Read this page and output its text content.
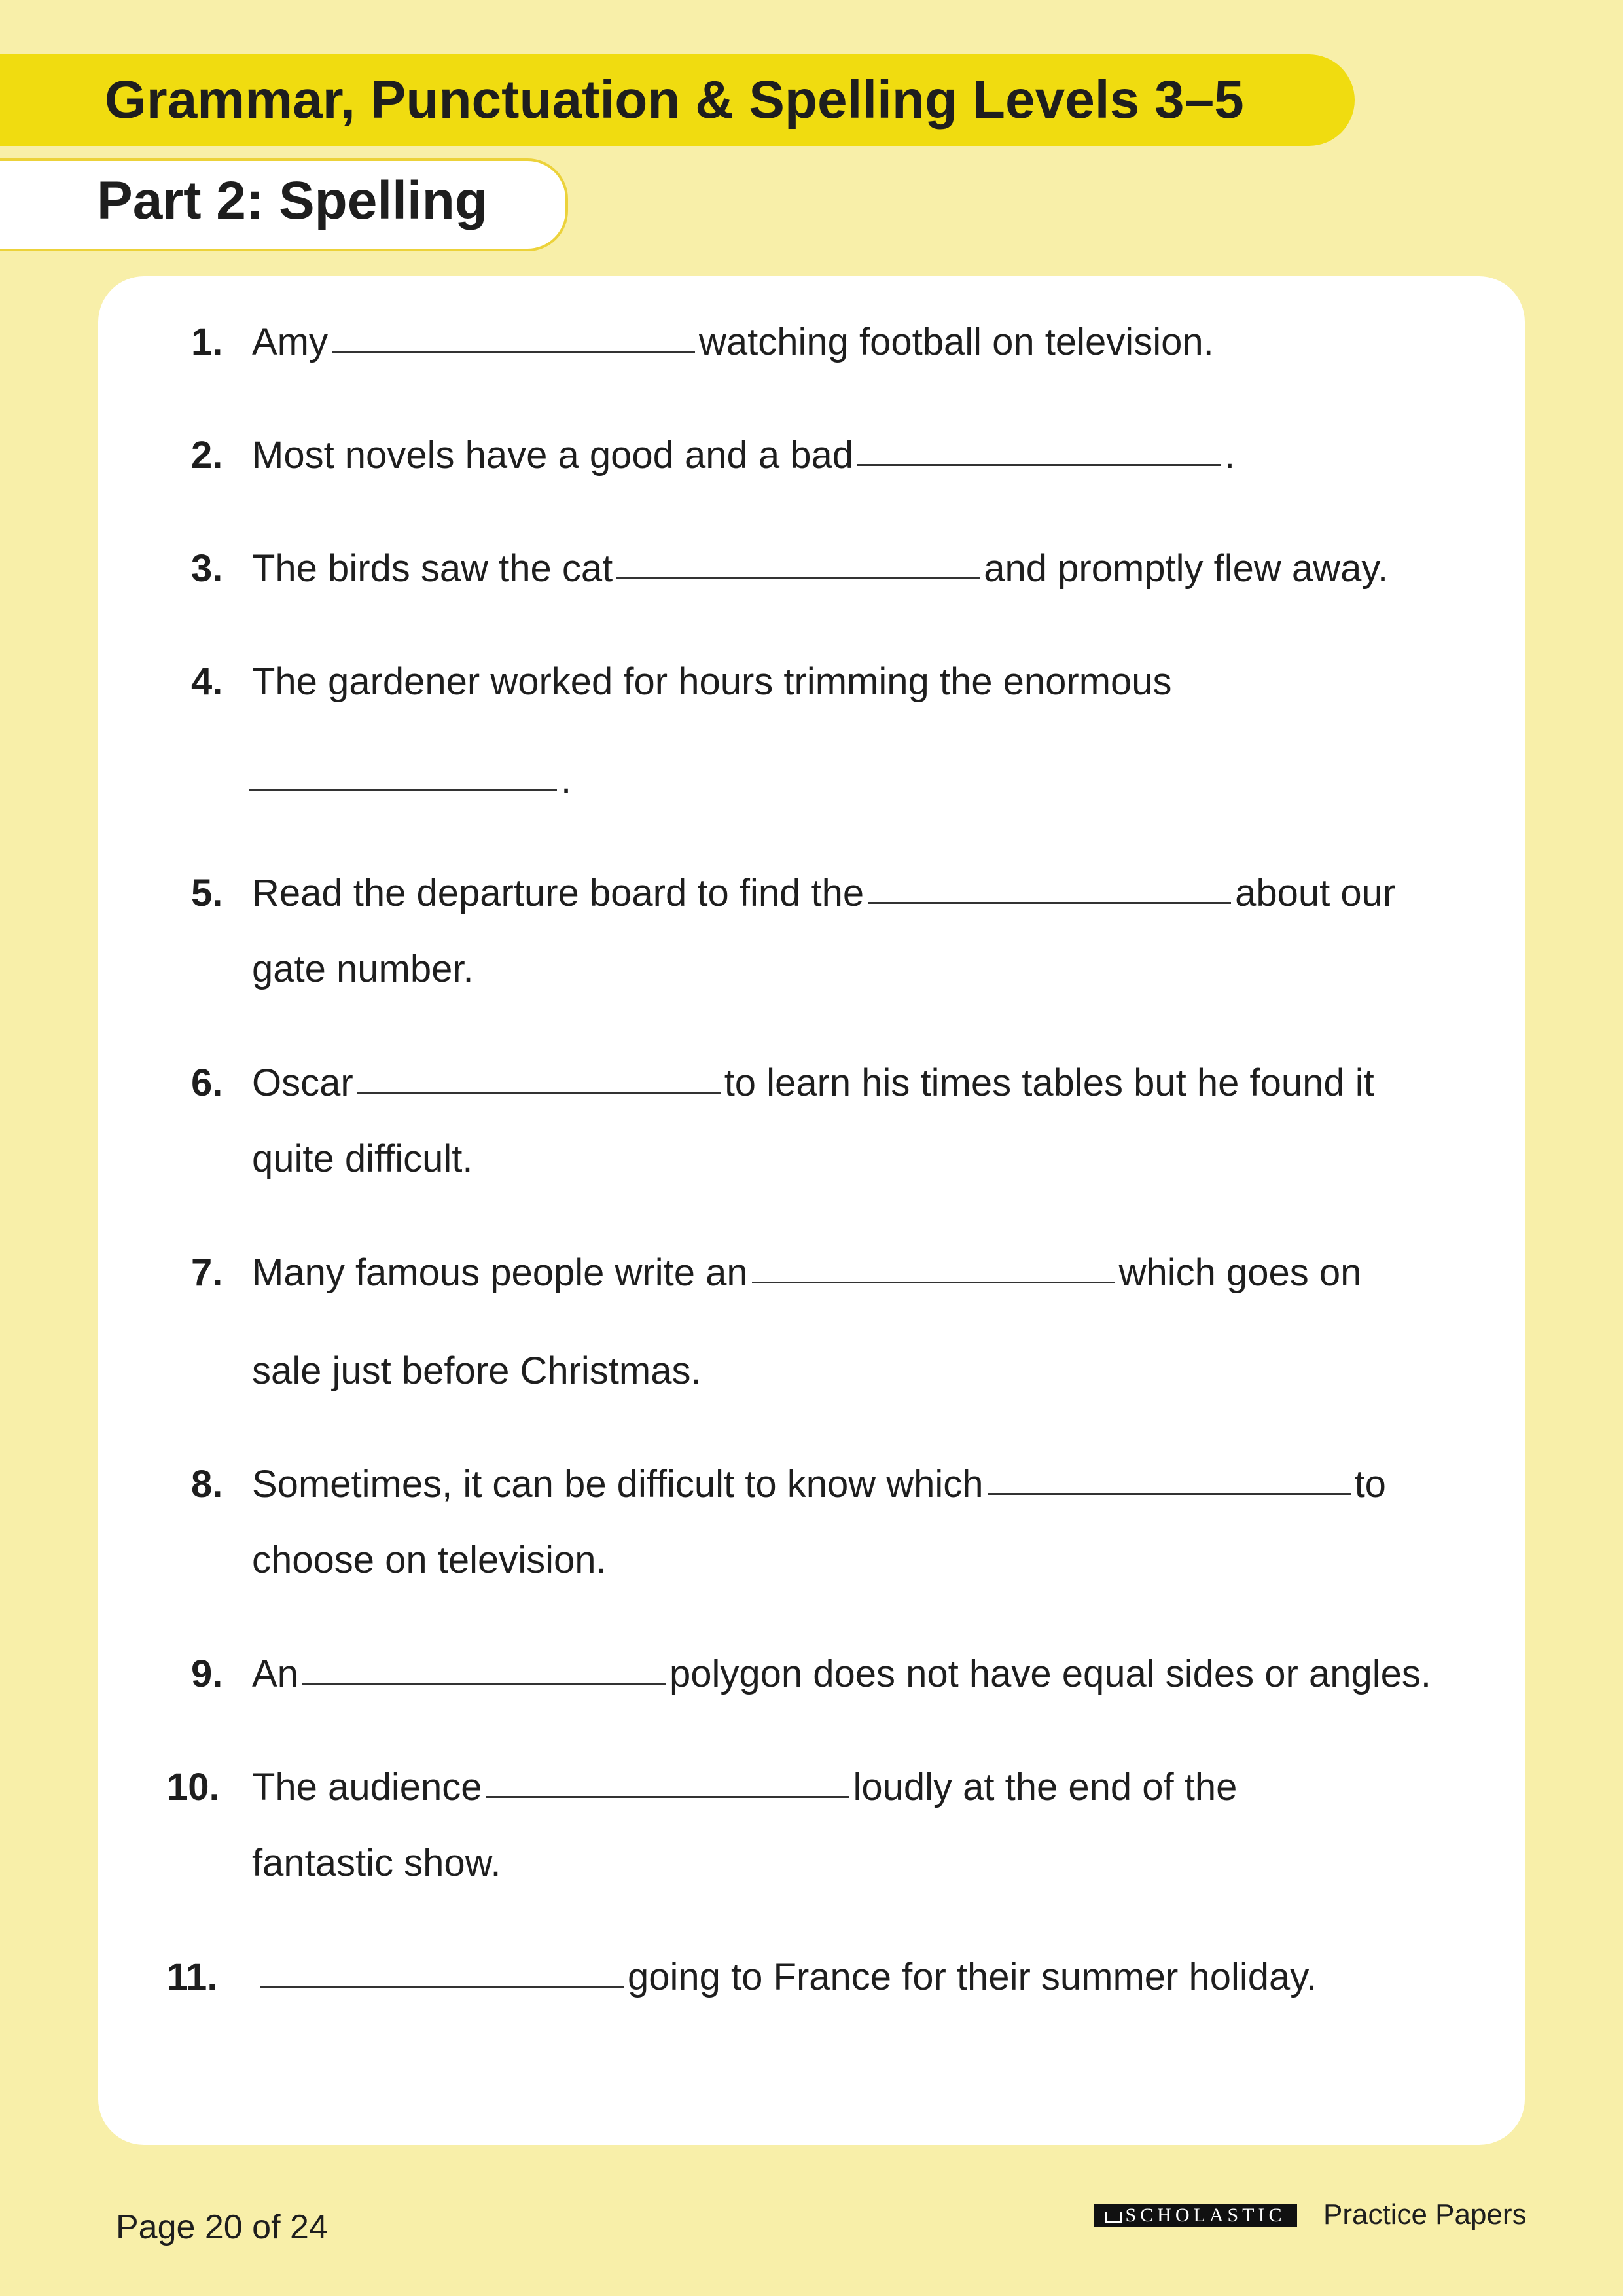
Grammar, Punctuation & Spelling Levels 3–5
Part 2: Spelling
1. Amy	watching football on television.
2. Most novels have a good and a bad	.
3. The birds saw the cat	and promptly flew away.
4. The gardener worked for hours trimming the enormous
.
5. Read the departure board to find the	about our
gate number.
6. Oscar	to learn his times tables but he found it
quite difficult.
7. Many famous people write an	which goes on
sale just before Christmas.
8. Sometimes, it can be difficult to know which	to
choose on television.
9. An	polygon does not have equal sides or angles.
10. The audience	loudly at the end of the
fantastic show.
11.	going to France for their summer holiday.
Page 20 of 24	SCHOLASTIC	Practice Papers
